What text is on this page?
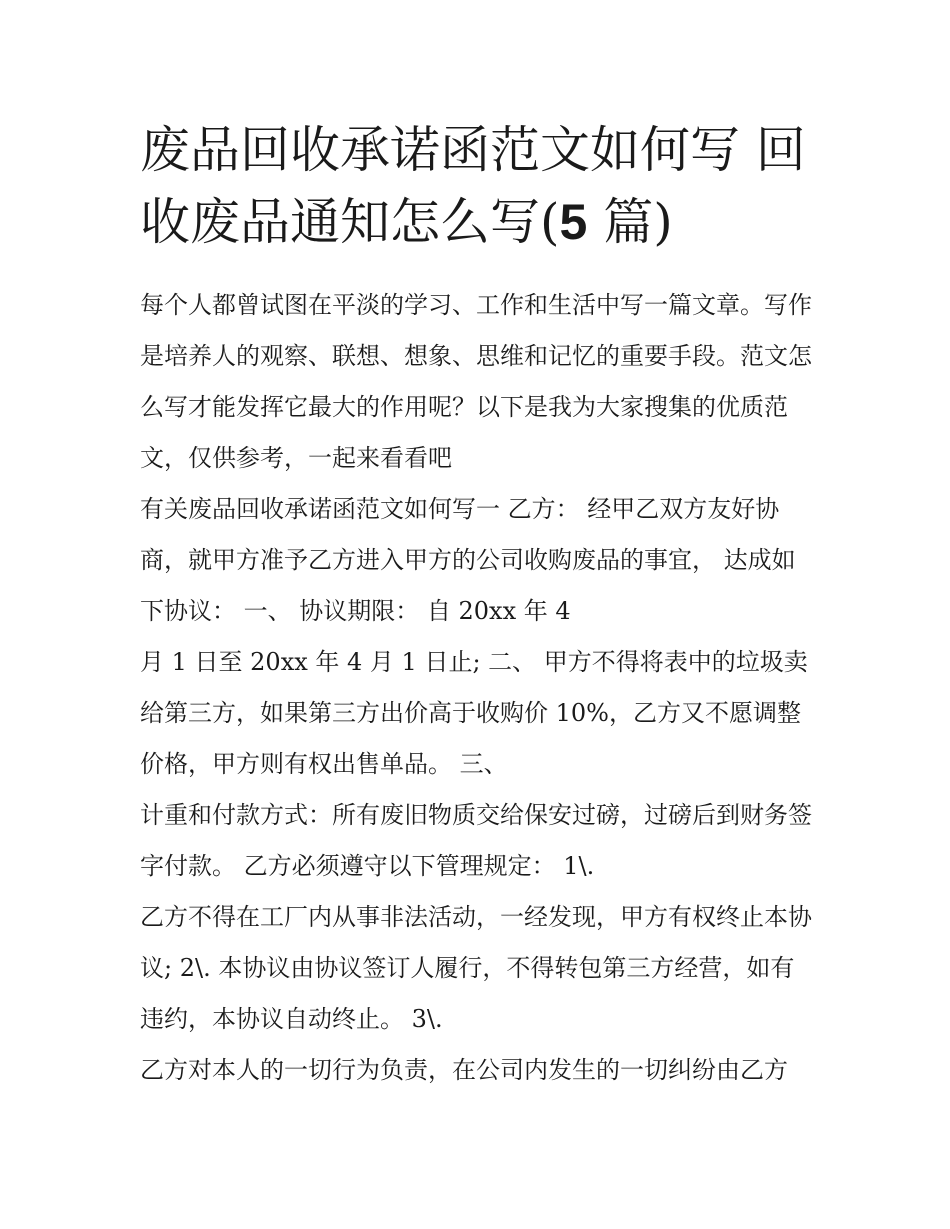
废品回收承诺函范文如何写 回收废品通知怎么写(5 篇)

每个人都曾试图在平淡的学习、工作和生活中写一篇文章。写作是培养人的观察、联想、想象、思维和记忆的重要手段。范文怎么写才能发挥它最大的作用呢？以下是我为大家搜集的优质范文，仅供参考，一起来看看吧

有关废品回收承诺函范文如何写一 乙方： 经甲乙双方友好协商，就甲方准予乙方进入甲方的公司收购废品的事宜， 达成如下协议： 一、 协议期限： 自 20xx 年 4

月 1 日至 20xx 年 4 月 1 日止; 二、 甲方不得将表中的垃圾卖给第三方，如果第三方出价高于收购价 10%，乙方又不愿调整价格，甲方则有权出售单品。 三、

计重和付款方式：所有废旧物质交给保安过磅，过磅后到财务签字付款。 乙方必须遵守以下管理规定： 1\.

乙方不得在工厂内从事非法活动，一经发现，甲方有权终止本协议; 2\. 本协议由协议签订人履行，不得转包第三方经营，如有违约，本协议自动终止。 3\.

乙方对本人的一切行为负责，在公司内发生的一切纠纷由乙方
